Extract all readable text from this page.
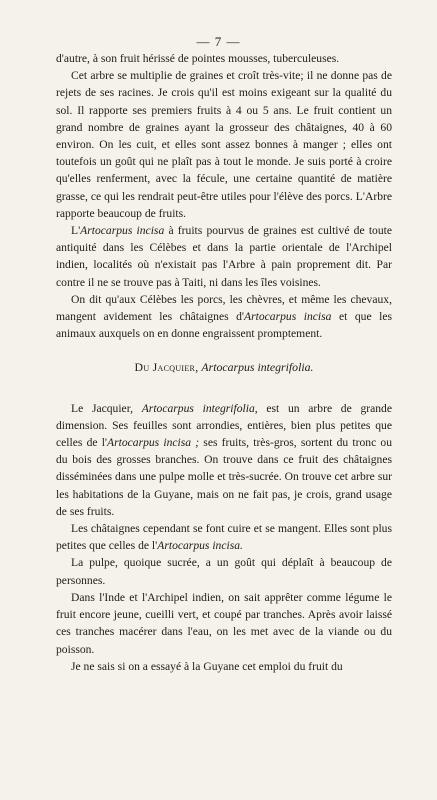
— 7 —

d'autre, à son fruit hérissé de pointes mousses, tuberculeuses.

Cet arbre se multiplie de graines et croît très-vite; il ne donne pas de rejets de ses racines. Je crois qu'il est moins exigeant sur la qualité du sol. Il rapporte ses premiers fruits à 4 ou 5 ans. Le fruit contient un grand nombre de graines ayant la grosseur des châtaignes, 40 à 60 environ. On les cuit, et elles sont assez bonnes à manger ; elles ont toutefois un goût qui ne plaît pas à tout le monde. Je suis porté à croire qu'elles renferment, avec la fécule, une certaine quantité de matière grasse, ce qui les rendrait peut-être utiles pour l'élève des porcs. L'Arbre rapporte beaucoup de fruits.

L'Artocarpus incisa à fruits pourvus de graines est cultivé de toute antiquité dans les Célèbes et dans la partie orientale de l'Archipel indien, localités où n'existait pas l'Arbre à pain proprement dit. Par contre il ne se trouve pas à Taiti, ni dans les îles voisines.

On dit qu'aux Célèbes les porcs, les chèvres, et même les chevaux, mangent avidement les châtaignes d'Artocarpus incisa et que les animaux auxquels on en donne engraissent promptement.

Du Jacquier, Artocarpus integrifolia.

Le Jacquier, Artocarpus integrifolia, est un arbre de grande dimension. Ses feuilles sont arrondies, entières, bien plus petites que celles de l'Artocarpus incisa ; ses fruits, très-gros, sortent du tronc ou du bois des grosses branches. On trouve dans ce fruit des châtaignes disséminées dans une pulpe molle et très-sucrée. On trouve cet arbre sur les habitations de la Guyane, mais on ne fait pas, je crois, grand usage de ses fruits.

Les châtaignes cependant se font cuire et se mangent. Elles sont plus petites que celles de l'Artocarpus incisa.

La pulpe, quoique sucrée, a un goût qui déplaît à beaucoup de personnes.

Dans l'Inde et l'Archipel indien, on sait apprêter comme légume le fruit encore jeune, cueilli vert, et coupé par tranches. Après avoir laissé ces tranches macérer dans l'eau, on les met avec de la viande ou du poisson.

Je ne sais si on a essayé à la Guyane cet emploi du fruit du
